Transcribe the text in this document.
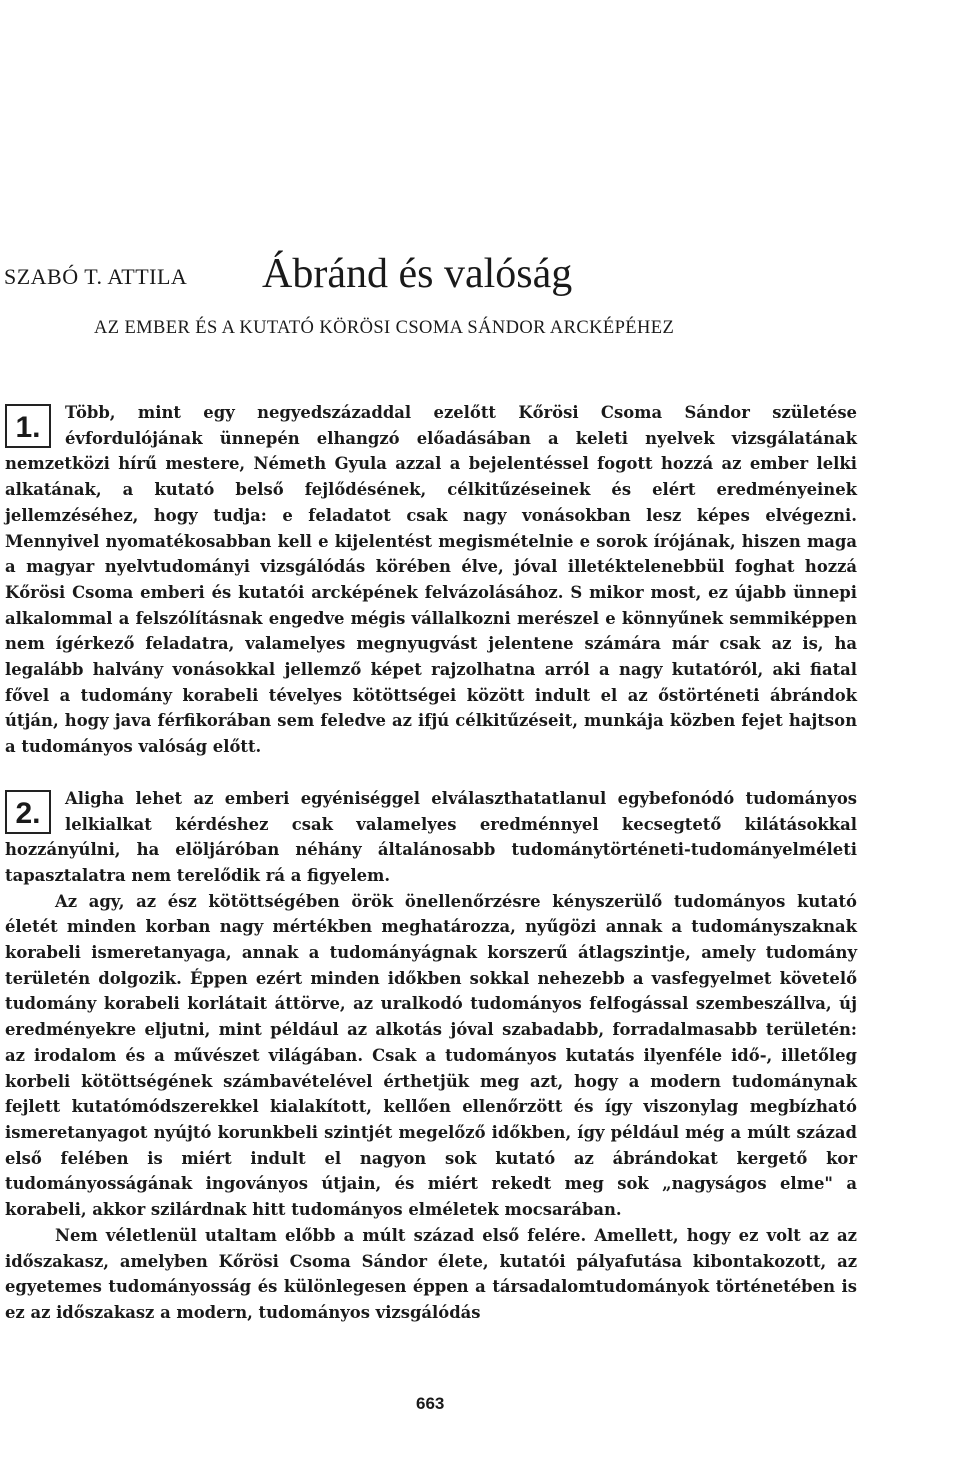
SZABÓ T. ATTILA Ábránd és valóság
AZ EMBER ÉS A KUTATÓ KÖRÖSI CSOMA SÁNDOR ARCKÉPÉHEZ
1.	Több, mint egy negyedszázaddal ezelőtt Kőrösi Csoma Sándor születése évfordulójának ünnepén elhangzó előadásában a keleti nyelvek vizsgálatának nemzetközi hírű mestere, Németh Gyula azzal a bejelentéssel fogott hozzá az ember lelki alkatának, a kutató belső fejlődésének, célkitűzéseinek és elért eredményeinek jellemzéséhez, hogy tudja: e feladatot csak nagy vonásokban lesz képes elvégezni. Mennyivel nyomatékosabban kell e kijelentést megismételnie e sorok írójának, hiszen maga a magyar nyelvtudományi vizsgálódás körében élve, jóval illetéktelenebbül foghat hozzá Kőrösi Csoma emberi és kutatói arcképének felvázolásához. S mikor most, ez újabb ünnepi alkalommal a felszólításnak engedve mégis vállalkozni merészel e könnyűnek semmiképpen nem ígérkező feladatra, valamelyes megnyugvást jelentene számára már csak az is, ha legalább halvány vonásokkal jellemző képet rajzolhatna arról a nagy kutatóról, aki fiatal fővel a tudomány korabeli tévelyes kötöttségei között indult el az őstörténeti ábrándok útján, hogy java férfikorában sem feledve az ifjú célkitűzéseit, munkája közben fejet hajtson a tudományos valóság előtt.

2.	Aligha lehet az emberi egyéniséggel elválaszthatatlanul egybefonódó tudományos lelkialkat kérdéshez csak valamelyes eredménnyel kecsegtető kilátásokkal hozzányúlni, ha elöljáróban néhány általánosabb tudománytörténeti-tudományelméleti tapasztalatra nem terelődik rá a figyelem.

Az agy, az ész kötöttségében örök önellenőrzésre kényszerülő tudományos kutató életét minden korban nagy mértékben meghatározza, nyűgözi annak a tudományszaknak korabeli ismeretanyaga, annak a tudományágnak korszerű átlagszintje, amely tudomány területén dolgozik. Éppen ezért minden időkben sokkal nehezebb a vasfegyelmet követelő tudomány korabeli korlátait áttörve, az uralkodó tudományos felfogással szembeszállva, új eredményekre eljutni, mint például az alkotás jóval szabadabb, forradalmasabb területén: az irodalom és a művészet világában. Csak a tudományos kutatás ilyenféle idő-, illetőleg korbeli kötöttségének számbavételével érthetjük meg azt, hogy a modern tudománynak fejlett kutatómódszerekkel kialakított, kellően ellenőrzött és így viszonylag megbízható ismeretanyagot nyújtó korunkbeli szintjét megelőző időkben, így például még a múlt század első felében is miért indult el nagyon sok kutató az ábrándokat kergető kor tudományosságának ingoványos útjain, és miért rekedt meg sok „nagyságos elme" a korabeli, akkor szilárdnak hitt tudományos elméletek mocsarában.

Nem véletlenül utaltam előbb a múlt század első felére. Amellett, hogy ez volt az az időszakasz, amelyben Kőrösi Csoma Sándor élete, kutatói pályafutása kibontakozott, az egyetemes tudományosság és különlegesen éppen a társadalomtudományok történetében is ez az időszakasz a modern, tudományos vizsgálódás

663
